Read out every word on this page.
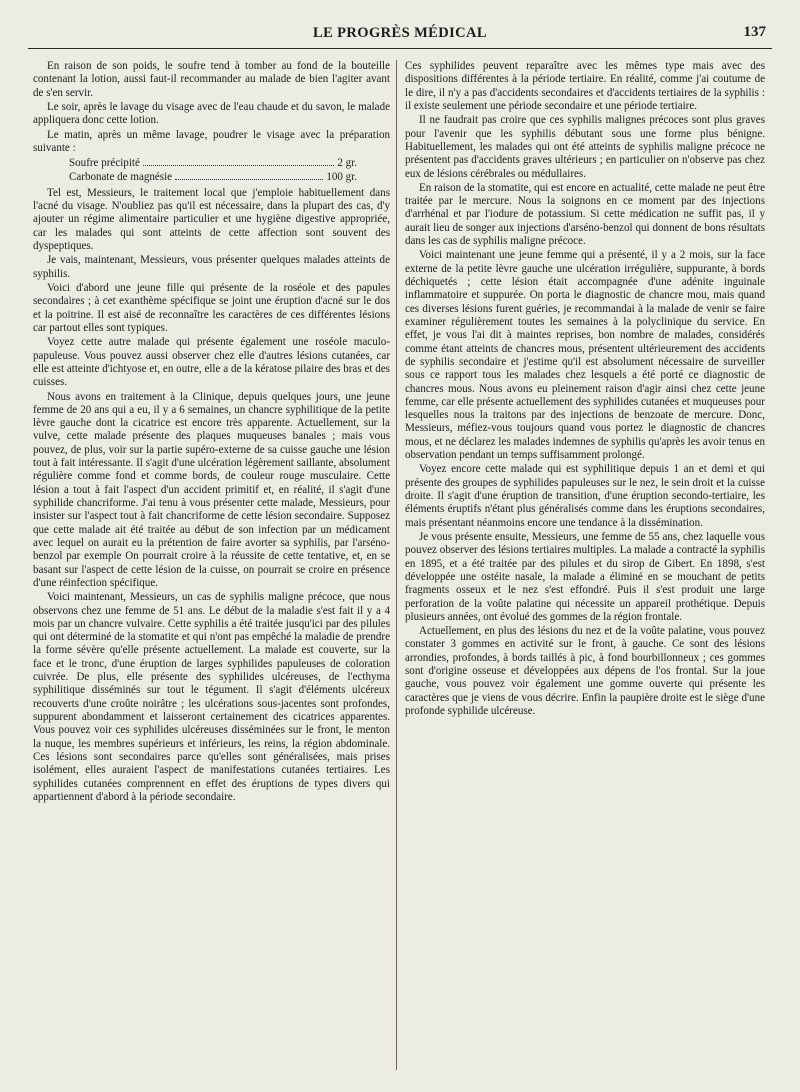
LE PROGRÈS MÉDICAL	137

En raison de son poids, le soufre tend à tomber au fond de la bouteille contenant la lotion, aussi faut-il recommander au malade de bien l'agiter avant de s'en servir.

Le soir, après le lavage du visage avec de l'eau chaude et du savon, le malade appliquera donc cette lotion.

Le matin, après un même lavage, poudrer le visage avec la préparation suivante :

Soufre précipité	2 gr.
Carbonate de magnésie	100 gr.

Tel est, Messieurs, le traitement local que j'emploie habituellement dans l'acné du visage. N'oubliez pas qu'il est nécessaire, dans la plupart des cas, d'y ajouter un régime alimentaire particulier et une hygiène digestive appropriée, car les malades qui sont atteints de cette affection sont souvent des dyspeptiques.

Je vais, maintenant, Messieurs, vous présenter quelques malades atteints de syphilis.

Voici d'abord une jeune fille qui présente de la roséole et des papules secondaires ; à cet exanthème spécifique se joint une éruption d'acné sur le dos et la poitrine. Il est aisé de reconnaître les caractères de ces différentes lésions car partout elles sont typiques.

Voyez cette autre malade qui présente également une roséole maculo-papuleuse. Vous pouvez aussi observer chez elle d'autres lésions cutanées, car elle est atteinte d'ichtyose et, en outre, elle a de la kératose pilaire des bras et des cuisses.

Nous avons en traitement à la Clinique, depuis quelques jours, une jeune femme de 20 ans qui a eu, il y a 6 semaines, un chancre syphilitique de la petite lèvre gauche dont la cicatrice est encore très apparente. Actuellement, sur la vulve, cette malade présente des plaques muqueuses banales ; mais vous pouvez, de plus, voir sur la partie supéro-externe de sa cuisse gauche une lésion tout à fait intéressante. Il s'agit d'une ulcération légèrement saillante, absolument régulière comme fond et comme bords, de couleur rouge musculaire. Cette lésion a tout à fait l'aspect d'un accident primitif et, en réalité, il s'agit d'une syphilide chancriforme. J'ai tenu à vous présenter cette malade, Messieurs, pour insister sur l'aspect tout à fait chancriforme de cette lésion secondaire. Supposez que cette malade ait été traitée au début de son infection par un médicament avec lequel on aurait eu la prétention de faire avorter sa syphilis, par l'arséno-benzol par exemple On pourrait croire à la réussite de cette tentative, et, en se basant sur l'aspect de cette lésion de la cuisse, on pourrait se croire en présence d'une réinfection spécifique.

Voici maintenant, Messieurs, un cas de syphilis maligne précoce, que nous observons chez une femme de 51 ans. Le début de la maladie s'est fait il y a 4 mois par un chancre vulvaire. Cette syphilis a été traitée jusqu'ici par des pilules qui ont déterminé de la stomatite et qui n'ont pas empêché la maladie de prendre la forme sévère qu'elle présente actuellement. La malade est couverte, sur la face et le tronc, d'une éruption de larges syphilides papuleuses de coloration cuivrée. De plus, elle présente des syphilides ulcéreuses, de l'ecthyma syphilitique disséminés sur tout le tégument. Il s'agit d'éléments ulcéreux recouverts d'une croûte noirâtre ; les ulcérations sous-jacentes sont profondes, suppurent abondamment et laisseront certainement des cicatrices apparentes. Vous pouvez voir ces syphilides ulcéreuses disséminées sur le front, le menton la nuque, les membres supérieurs et inférieurs, les reins, la région abdominale. Ces lésions sont secondaires parce qu'elles sont généralisées, mais prises isolément, elles auraient l'aspect de manifestations cutanées tertiaires. Les syphilides cutanées comprennent en effet des éruptions de types divers qui appartiennent d'abord à la période secondaire.

Ces syphilides peuvent reparaître avec les mêmes type mais avec des dispositions différentes à la période tertiaire. En réalité, comme j'ai coutume de le dire, il n'y a pas d'accidents secondaires et d'accidents tertiaires de la syphilis : il existe seulement une période secondaire et une période tertiaire.

Il ne faudrait pas croire que ces syphilis malignes précoces sont plus graves pour l'avenir que les syphilis débutant sous une forme plus bénigne. Habituellement, les malades qui ont été atteints de syphilis maligne précoce ne présentent pas d'accidents graves ultérieurs ; en particulier on n'observe pas chez eux de lésions cérébrales ou médullaires.

En raison de la stomatite, qui est encore en actualité, cette malade ne peut être traitée par le mercure. Nous la soignons en ce moment par des injections d'arrhénal et par l'iodure de potassium. Si cette médication ne suffit pas, il y aurait lieu de songer aux injections d'arséno-benzol qui donnent de bons résultats dans les cas de syphilis maligne précoce.

Voici maintenant une jeune femme qui a présenté, il y a 2 mois, sur la face externe de la petite lèvre gauche une ulcération irrégulière, suppurante, à bords déchiquetés ; cette lésion était accompagnée d'une adénite inguinale inflammatoire et suppurée. On porta le diagnostic de chancre mou, mais quand ces diverses lésions furent guéries, je recommandai à la malade de venir se faire examiner régulièrement toutes les semaines à la polyclinique du service. En effet, je vous l'ai dit à maintes reprises, bon nombre de malades, considérés comme étant atteints de chancres mous, présentent ultérieurement des accidents de syphilis secondaire et j'estime qu'il est absolument nécessaire de surveiller sous ce rapport tous les malades chez lesquels a été porté ce diagnostic de chancres mous. Nous avons eu pleinement raison d'agir ainsi chez cette jeune femme, car elle présente actuellement des syphilides cutanées et muqueuses pour lesquelles nous la traitons par des injections de benzoate de mercure. Donc, Messieurs, méfiez-vous toujours quand vous portez le diagnostic de chancres mous, et ne déclarez les malades indemnes de syphilis qu'après les avoir tenus en observation pendant un temps suffisamment prolongé.

Voyez encore cette malade qui est syphilitique depuis 1 an et demi et qui présente des groupes de syphilides papuleuses sur le nez, le sein droit et la cuisse droite. Il s'agit d'une éruption de transition, d'une éruption secondo-tertiaire, les éléments éruptifs n'étant plus généralisés comme dans les éruptions secondaires, mais présentant néanmoins encore une tendance à la dissémination.

Je vous présente ensuite, Messieurs, une femme de 55 ans, chez laquelle vous pouvez observer des lésions tertiaires multiples. La malade a contracté la syphilis en 1895, et a été traitée par des pilules et du sirop de Gibert. En 1898, s'est développée une ostéite nasale, la malade a éliminé en se mouchant de petits fragments osseux et le nez s'est effondré. Puis il s'est produit une large perforation de la voûte palatine qui nécessite un appareil prothétique. Depuis plusieurs années, ont évolué des gommes de la région frontale.

Actuellement, en plus des lésions du nez et de la voûte palatine, vous pouvez constater 3 gommes en activité sur le front, à gauche. Ce sont des lésions arrondies, profondes, à bords taillés à pic, à fond bourbillonneux ; ces gommes sont d'origine osseuse et développées aux dépens de l'os frontal. Sur la joue gauche, vous pouvez voir également une gomme ouverte qui présente les caractères que je viens de vous décrire. Enfin la paupière droite est le siège d'une profonde syphilide ulcéreuse.
